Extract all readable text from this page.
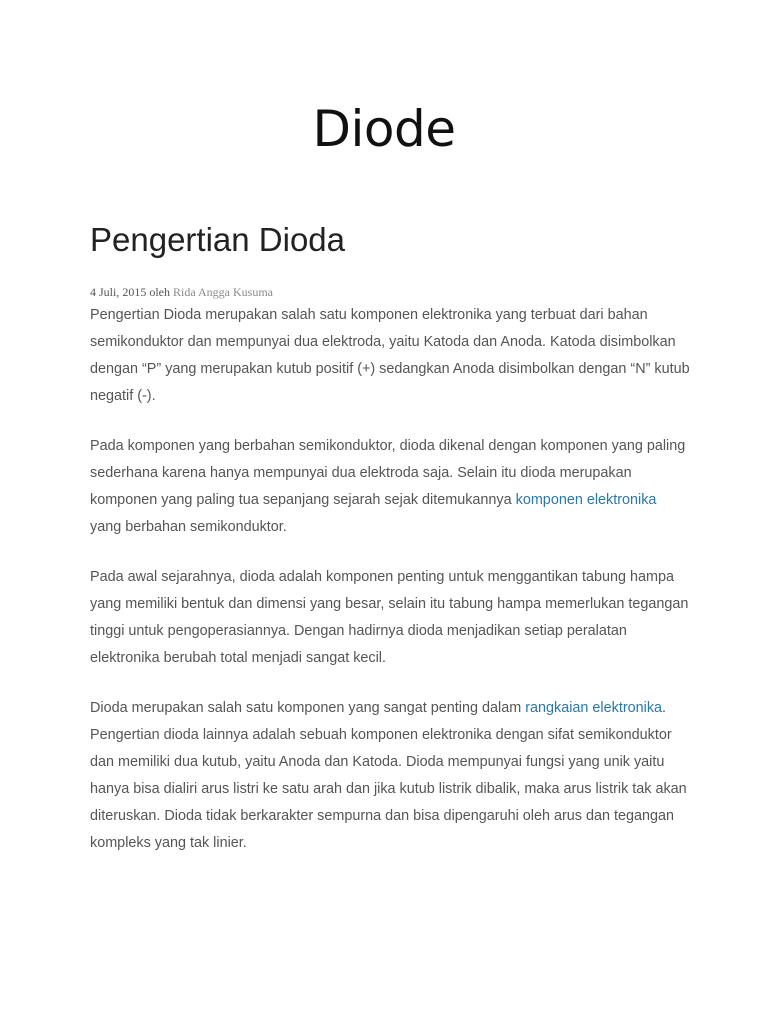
Diode
Pengertian Dioda
4 Juli, 2015 oleh Rida Angga Kusuma

Pengertian Dioda merupakan salah satu komponen elektronika yang terbuat dari bahan semikonduktor dan mempunyai dua elektroda, yaitu Katoda dan Anoda. Katoda disimbolkan dengan “P” yang merupakan kutub positif (+) sedangkan Anoda disimbolkan dengan “N” kutub negatif (-).

Pada komponen yang berbahan semikonduktor, dioda dikenal dengan komponen yang paling sederhana karena hanya mempunyai dua elektroda saja. Selain itu dioda merupakan komponen yang paling tua sepanjang sejarah sejak ditemukannya komponen elektronika yang berbahan semikonduktor.

Pada awal sejarahnya, dioda adalah komponen penting untuk menggantikan tabung hampa yang memiliki bentuk dan dimensi yang besar, selain itu tabung hampa memerlukan tegangan tinggi untuk pengoperasiannya. Dengan hadirnya dioda menjadikan setiap peralatan elektronika berubah total menjadi sangat kecil.

Dioda merupakan salah satu komponen yang sangat penting dalam rangkaian elektronika. Pengertian dioda lainnya adalah sebuah komponen elektronika dengan sifat semikonduktor dan memiliki dua kutub, yaitu Anoda dan Katoda. Dioda mempunyai fungsi yang unik yaitu hanya bisa dialiri arus listri ke satu arah dan jika kutub listrik dibalik, maka arus listrik tak akan diteruskan. Dioda tidak berkarakter sempurna dan bisa dipengaruhi oleh arus dan tegangan kompleks yang tak linier.
